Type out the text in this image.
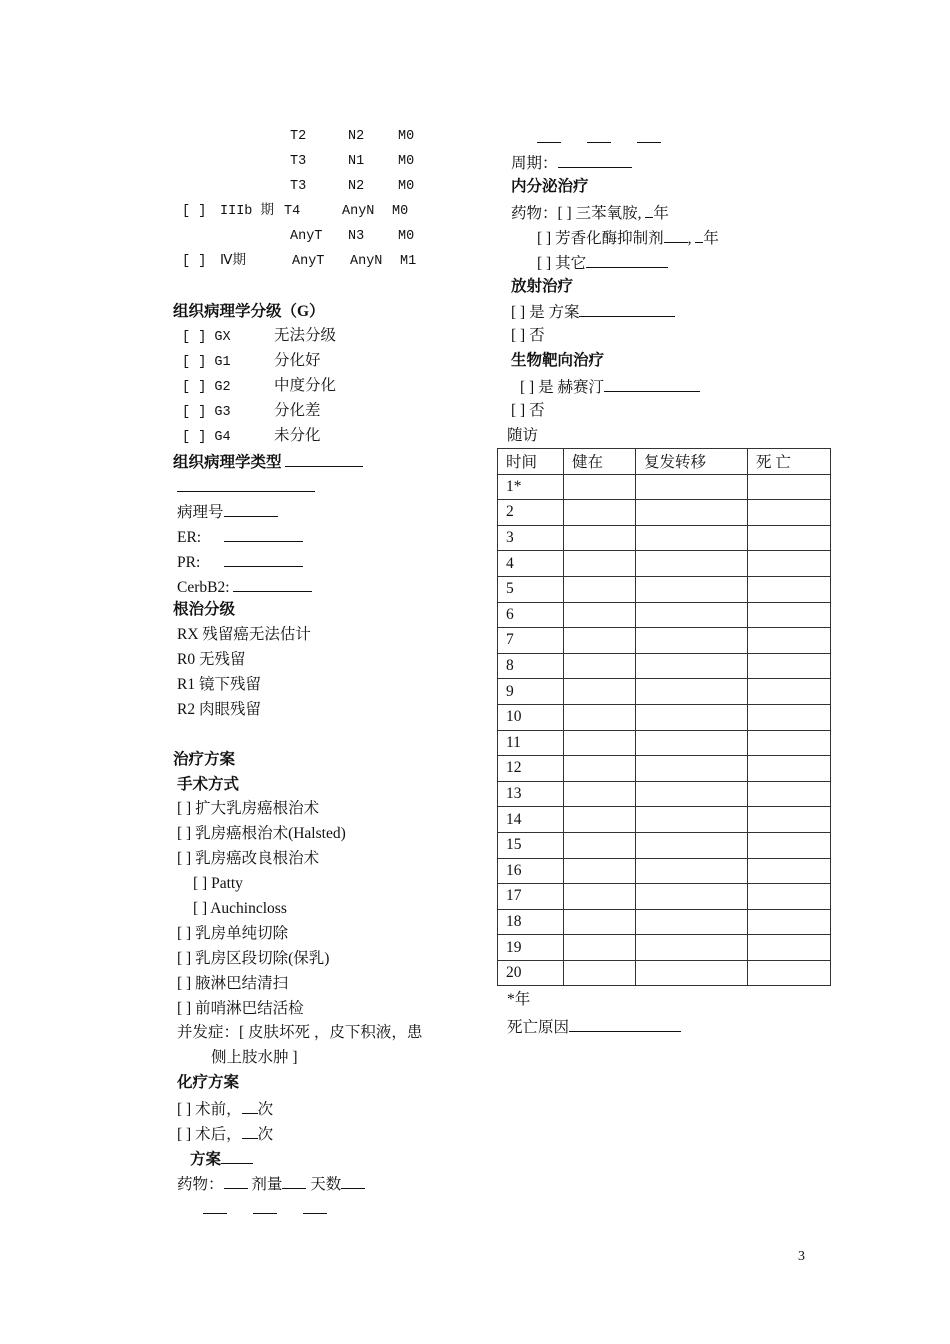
T2	N2	M0
T3	N1	M0
T3	N2	M0
[ ] IIIb 期 T4	AnyN M0
AnyT N3	M0
[ ] Ⅳ期	AnyT AnyN M1
组织病理学分级（G）
[ ] GX	无法分级
[ ] G1	分化好
[ ] G2	中度分化
[ ] G3	分化差
[ ] G4	未分化
组织病理学类型
病理号
ER:
PR:
CerbB2:
根治分级
RX 残留癌无法估计
R0 无残留
R1 镜下残留
R2 肉眼残留
治疗方案
手术方式
[ ] 扩大乳房癌根治术
[ ] 乳房癌根治术(Halsted)
[ ] 乳房癌改良根治术
[ ] Patty
[ ] Auchincloss
[ ] 乳房单纯切除
[ ] 乳房区段切除(保乳)
[ ] 腋淋巴结清扫
[ ] 前哨淋巴结活检
并发症：[ 皮肤坏死 ，皮下积液，患
侧上肢水肿 ]
化疗方案
[ ] 术前， 次
[ ] 术后， 次
方案
药物： 剂量 天数
周期：
内分泌治疗
药物：[ ] 三苯氧胺, 年
[ ] 芳香化酶抑制剂 , 年
[ ] 其它
放射治疗
[ ] 是 方案
[ ] 否
生物靶向治疗
[ ] 是 赫赛汀
[ ] 否
随访
时间	健在	复发转移	死 亡
1*			
2			
3			
4			
5			
6			
7			
8			
9			
10			
11			
12			
13			
14			
15			
16			
17			
18			
19			
20			
*年
死亡原因
3
